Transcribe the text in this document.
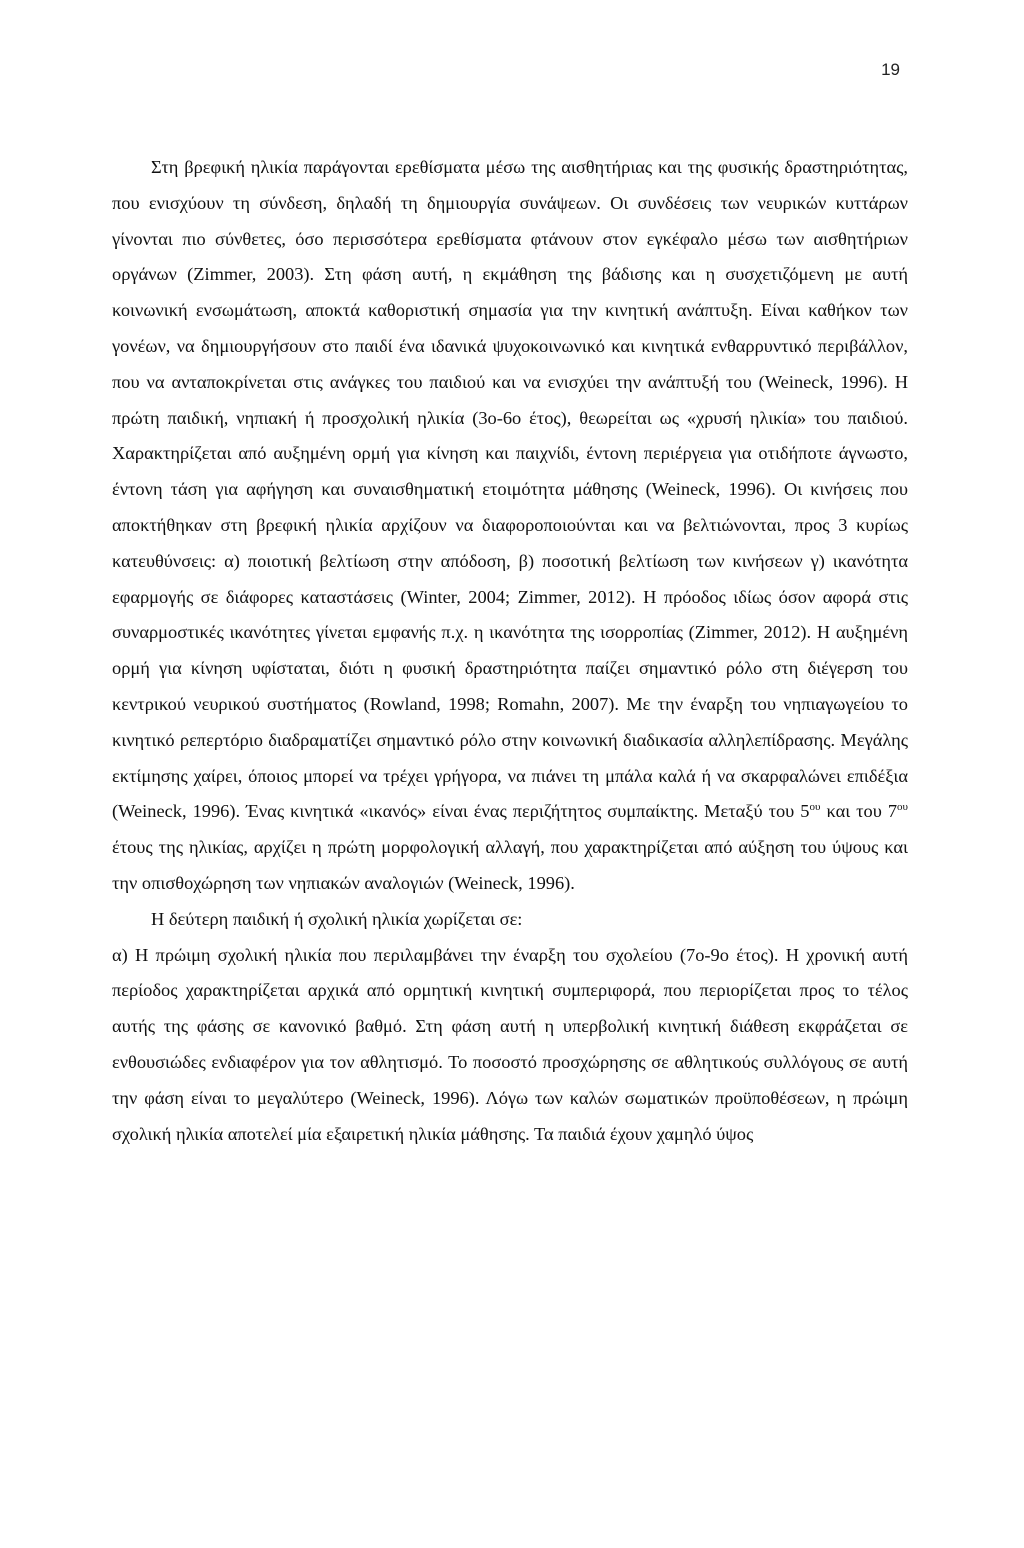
19

Στη βρεφική ηλικία παράγονται ερεθίσματα μέσω της αισθητήριας και της φυσικής δραστηριότητας, που ενισχύουν τη σύνδεση, δηλαδή τη δημιουργία συνάψεων. Οι συνδέσεις των νευρικών κυττάρων γίνονται πιο σύνθετες, όσο περισσότερα ερεθίσματα φτάνουν στον εγκέφαλο μέσω των αισθητήριων οργάνων (Zimmer, 2003). Στη φάση αυτή, η εκμάθηση της βάδισης και η συσχετιζόμενη με αυτή κοινωνική ενσωμάτωση, αποκτά καθοριστική σημασία για την κινητική ανάπτυξη. Είναι καθήκον των γονέων, να δημιουργήσουν στο παιδί ένα ιδανικά ψυχοκοινωνικό και κινητικά ενθαρρυντικό περιβάλλον, που να ανταποκρίνεται στις ανάγκες του παιδιού και να ενισχύει την ανάπτυξή του (Weineck, 1996). Η πρώτη παιδική, νηπιακή ή προσχολική ηλικία (3ο-6ο έτος), θεωρείται ως «χρυσή ηλικία» του παιδιού. Χαρακτηρίζεται από αυξημένη ορμή για κίνηση και παιχνίδι, έντονη περιέργεια για οτιδήποτε άγνωστο, έντονη τάση για αφήγηση και συναισθηματική ετοιμότητα μάθησης (Weineck, 1996). Οι κινήσεις που αποκτήθηκαν στη βρεφική ηλικία αρχίζουν να διαφοροποιούνται και να βελτιώνονται, προς 3 κυρίως κατευθύνσεις: α) ποιοτική βελτίωση στην απόδοση, β) ποσοτική βελτίωση των κινήσεων γ) ικανότητα εφαρμογής σε διάφορες καταστάσεις (Winter, 2004; Zimmer, 2012). Η πρόοδος ιδίως όσον αφορά στις συναρμοστικές ικανότητες γίνεται εμφανής π.χ. η ικανότητα της ισορροπίας (Zimmer, 2012). Η αυξημένη ορμή για κίνηση υφίσταται, διότι η φυσική δραστηριότητα παίζει σημαντικό ρόλο στη διέγερση του κεντρικού νευρικού συστήματος (Rowland, 1998; Romahn, 2007). Με την έναρξη του νηπιαγωγείου το κινητικό ρεπερτόριο διαδραματίζει σημαντικό ρόλο στην κοινωνική διαδικασία αλληλεπίδρασης. Μεγάλης εκτίμησης χαίρει, όποιος μπορεί να τρέχει γρήγορα, να πιάνει τη μπάλα καλά ή να σκαρφαλώνει επιδέξια (Weineck, 1996). Ένας κινητικά «ικανός» είναι ένας περιζήτητος συμπαίκτης. Μεταξύ του $5^{o\upsilon}$ και του $7^{o\upsilon}$ έτους της ηλικίας, αρχίζει η πρώτη μορφολογική αλλαγή, που χαρακτηρίζεται από αύξηση του ύψους και την οπισθοχώρηση των νηπιακών αναλογιών (Weineck, 1996).

Η δεύτερη παιδική ή σχολική ηλικία χωρίζεται σε:

α) Η πρώιμη σχολική ηλικία που περιλαμβάνει την έναρξη του σχολείου (7ο-9ο έτος). Η χρονική αυτή περίοδος χαρακτηρίζεται αρχικά από ορμητική κινητική συμπεριφορά, που περιορίζεται προς το τέλος αυτής της φάσης σε κανονικό βαθμό. Στη φάση αυτή η υπερβολική κινητική διάθεση εκφράζεται σε ενθουσιώδες ενδιαφέρον για τον αθλητισμό. Το ποσοστό προσχώρησης σε αθλητικούς συλλόγους σε αυτή την φάση είναι το μεγαλύτερο (Weineck, 1996). Λόγω των καλών σωματικών προϋποθέσεων, η πρώιμη σχολική ηλικία αποτελεί μία εξαιρετική ηλικία μάθησης. Τα παιδιά έχουν χαμηλό ύψος
